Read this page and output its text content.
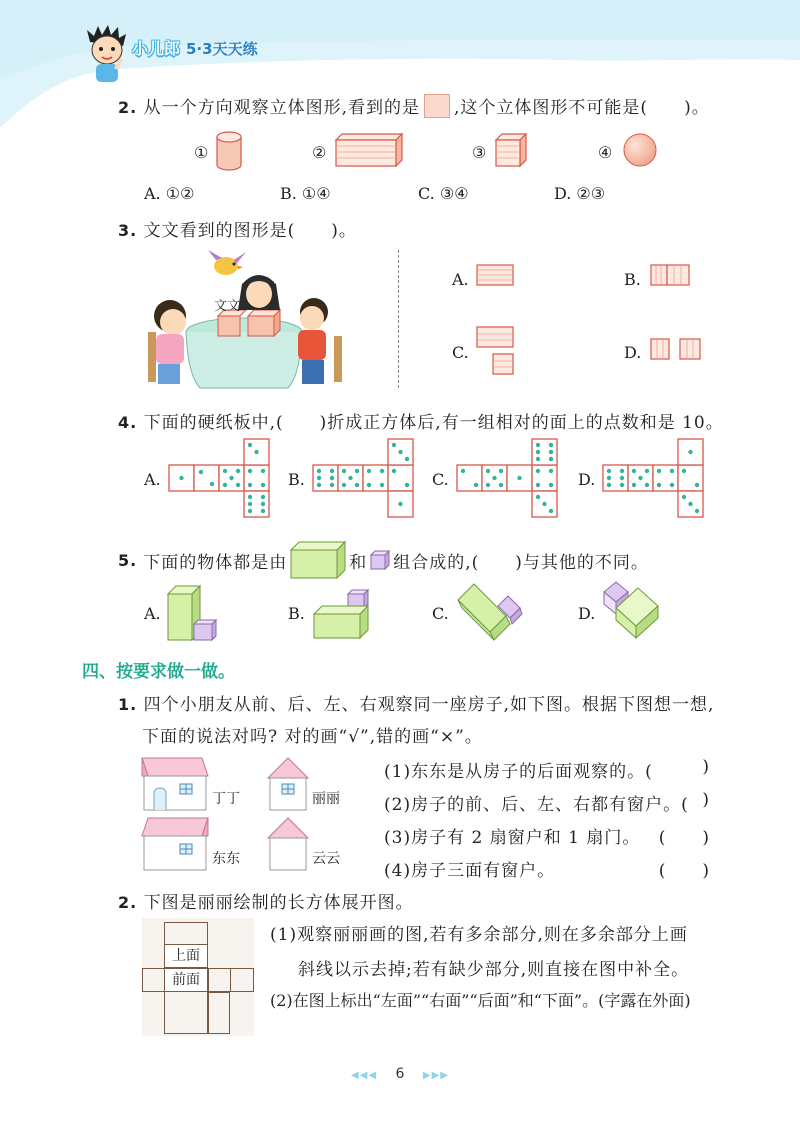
小儿郎 5·3天天练
2. 从一个方向观察立体图形,看到的是 ,这个立体图形不可能是( )。
①	②	③	④
A. ①②	B. ①④	C. ③④	D. ②③
3. 文文看到的图形是( )。
文文
A.	B.
C.	D.
4. 下面的硬纸板中,( )折成正方体后,有一组相对的面上的点数和是 10。
A.	B.	C.	D.
5. 下面的物体都是由	和 组合成的,( )与其他的不同。
A.	B.	C.	D.
四、按要求做一做。
1. 四个小朋友从前、后、左、右观察同一座房子,如下图。根据下图想一想,
下面的说法对吗? 对的画“√”,错的画“×”。
丁丁	丽丽
东东	云云
(1)东东是从房子的后面观察的。(	)
(2)房子的前、后、左、右都有窗户。( )
(3)房子有 2 扇窗户和 1 扇门。 (　　)
(4)房子三面有窗户。	(　　)
2. 下图是丽丽绘制的长方体展开图。
上面
前面
(1)观察丽丽画的图,若有多余部分,则在多余部分上画
斜线以示去掉;若有缺少部分,则直接在图中补全。
(2)在图上标出“左面”“右面”“后面”和“下面”。(字露在外面)
◀◀◀ 6 ▶▶▶
